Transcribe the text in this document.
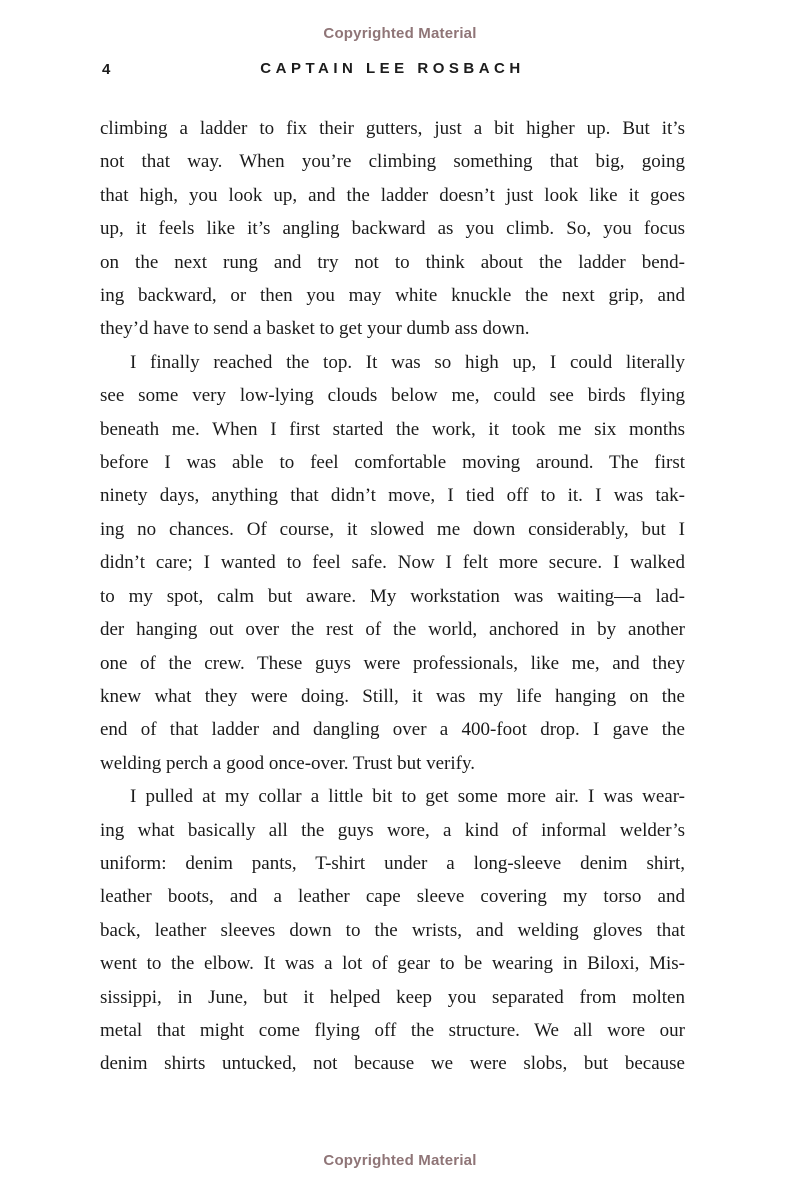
Copyrighted Material
4	CAPTAIN LEE ROSBACH
climbing a ladder to fix their gutters, just a bit higher up. But it’s
not that way. When you’re climbing something that big, going
that high, you look up, and the ladder doesn’t just look like it goes
up, it feels like it’s angling backward as you climb. So, you focus
on the next rung and try not to think about the ladder bend-
ing backward, or then you may white knuckle the next grip, and
they’d have to send a basket to get your dumb ass down.
I finally reached the top. It was so high up, I could literally
see some very low-lying clouds below me, could see birds flying
beneath me. When I first started the work, it took me six months
before I was able to feel comfortable moving around. The first
ninety days, anything that didn’t move, I tied off to it. I was tak-
ing no chances. Of course, it slowed me down considerably, but I
didn’t care; I wanted to feel safe. Now I felt more secure. I walked
to my spot, calm but aware. My workstation was waiting—a lad-
der hanging out over the rest of the world, anchored in by another
one of the crew. These guys were professionals, like me, and they
knew what they were doing. Still, it was my life hanging on the
end of that ladder and dangling over a 400-foot drop. I gave the
welding perch a good once-over. Trust but verify.
I pulled at my collar a little bit to get some more air. I was wear-
ing what basically all the guys wore, a kind of informal welder’s
uniform: denim pants, T-shirt under a long-sleeve denim shirt,
leather boots, and a leather cape sleeve covering my torso and
back, leather sleeves down to the wrists, and welding gloves that
went to the elbow. It was a lot of gear to be wearing in Biloxi, Mis-
sissippi, in June, but it helped keep you separated from molten
metal that might come flying off the structure. We all wore our
denim shirts untucked, not because we were slobs, but because
Copyrighted Material
